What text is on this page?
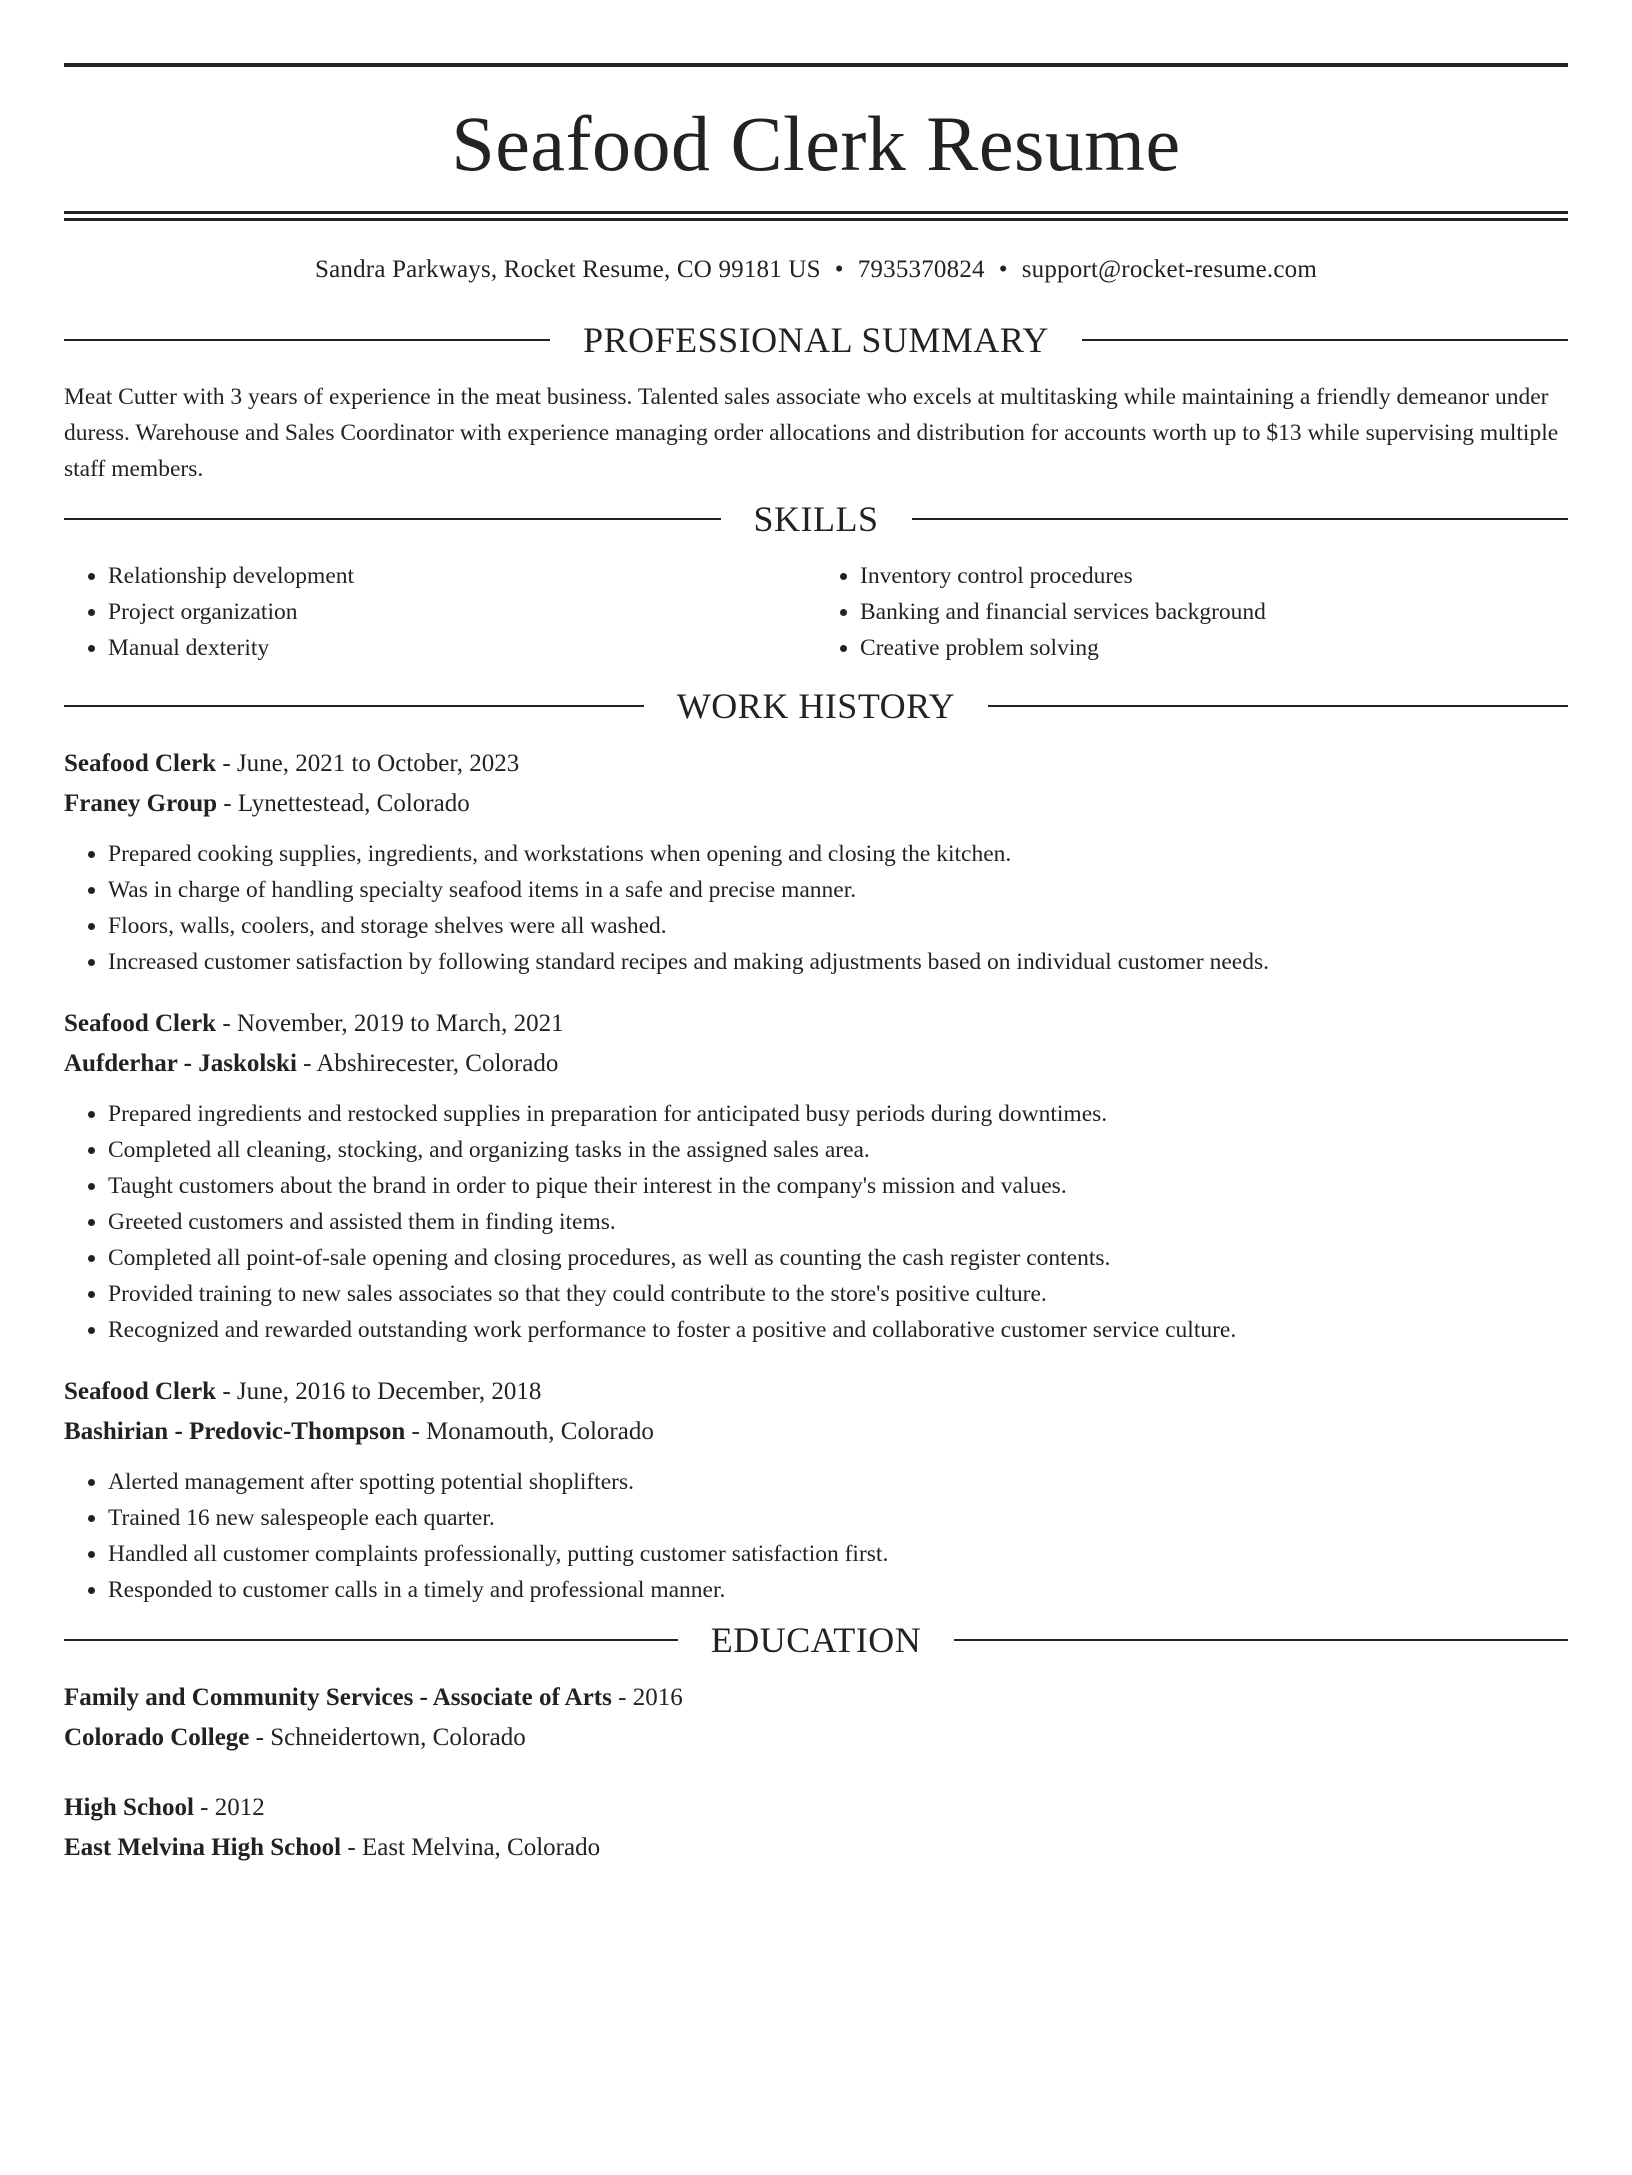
Seafood Clerk Resume
Sandra Parkways, Rocket Resume, CO 99181 US • 7935370824 • support@rocket-resume.com
PROFESSIONAL SUMMARY

Meat Cutter with 3 years of experience in the meat business. Talented sales associate who excels at multitasking while maintaining a friendly demeanor under duress. Warehouse and Sales Coordinator with experience managing order allocations and distribution for accounts worth up to $13 while supervising multiple staff members.

SKILLS
• Relationship development
• Project organization
• Manual dexterity
• Inventory control procedures
• Banking and financial services background
• Creative problem solving
WORK HISTORY
Seafood Clerk - June, 2021 to October, 2023
Franey Group - Lynettestead, Colorado
• Prepared cooking supplies, ingredients, and workstations when opening and closing the kitchen.
• Was in charge of handling specialty seafood items in a safe and precise manner.
• Floors, walls, coolers, and storage shelves were all washed.
• Increased customer satisfaction by following standard recipes and making adjustments based on individual customer needs.
Seafood Clerk - November, 2019 to March, 2021
Aufderhar - Jaskolski - Abshirecester, Colorado
• Prepared ingredients and restocked supplies in preparation for anticipated busy periods during downtimes.
• Completed all cleaning, stocking, and organizing tasks in the assigned sales area.
• Taught customers about the brand in order to pique their interest in the company's mission and values.
• Greeted customers and assisted them in finding items.
• Completed all point-of-sale opening and closing procedures, as well as counting the cash register contents.
• Provided training to new sales associates so that they could contribute to the store's positive culture.
• Recognized and rewarded outstanding work performance to foster a positive and collaborative customer service culture.
Seafood Clerk - June, 2016 to December, 2018
Bashirian - Predovic-Thompson - Monamouth, Colorado
• Alerted management after spotting potential shoplifters.
• Trained 16 new salespeople each quarter.
• Handled all customer complaints professionally, putting customer satisfaction first.
• Responded to customer calls in a timely and professional manner.
EDUCATION
Family and Community Services - Associate of Arts - 2016
Colorado College - Schneidertown, Colorado
High School - 2012
East Melvina High School - East Melvina, Colorado
